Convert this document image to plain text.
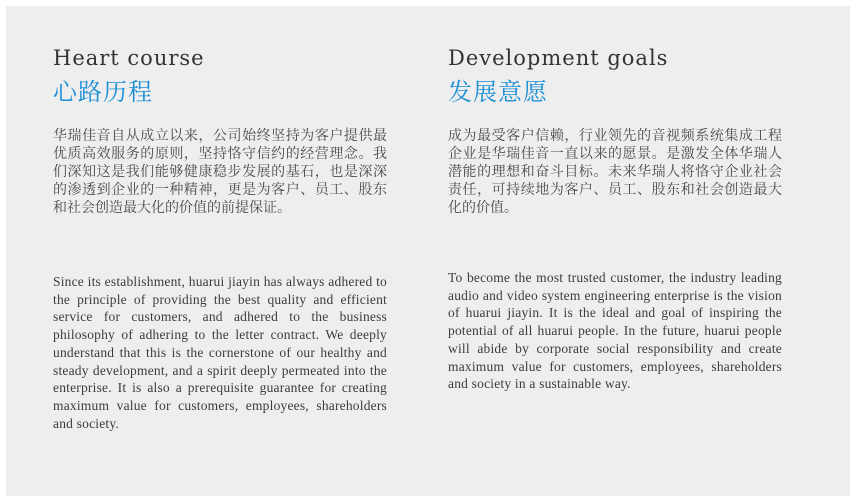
Heart course
心路历程

华瑞佳音自从成立以来，公司始终坚持为客户提供最优质高效服务的原则，坚持恪守信约的经营理念。我们深知这是我们能够健康稳步发展的基石，也是深深的渗透到企业的一种精神，更是为客户、员工、股东和社会创造最大化的价值的前提保证。

Since its establishment, huarui jiayin has always adhered to the principle of providing the best quality and efficient service for customers, and adhered to the business philosophy of adhering to the letter contract. We deeply understand that this is the cornerstone of our healthy and steady development, and a spirit deeply permeated into the enterprise. It is also a prerequisite guarantee for creating maximum value for customers, employees, shareholders and society.

Development goals
发展意愿

成为最受客户信赖，行业领先的音视频系统集成工程企业是华瑞佳音一直以来的愿景。是激发全体华瑞人潜能的理想和奋斗目标。未来华瑞人将恪守企业社会责任，可持续地为客户、员工、股东和社会创造最大化的价值。

To become the most trusted customer, the industry leading audio and video system engineering enterprise is the vision of huarui jiayin. It is the ideal and goal of inspiring the potential of all huarui people. In the future, huarui people will abide by corporate social responsibility and create maximum value for customers, employees, shareholders and society in a sustainable way.
